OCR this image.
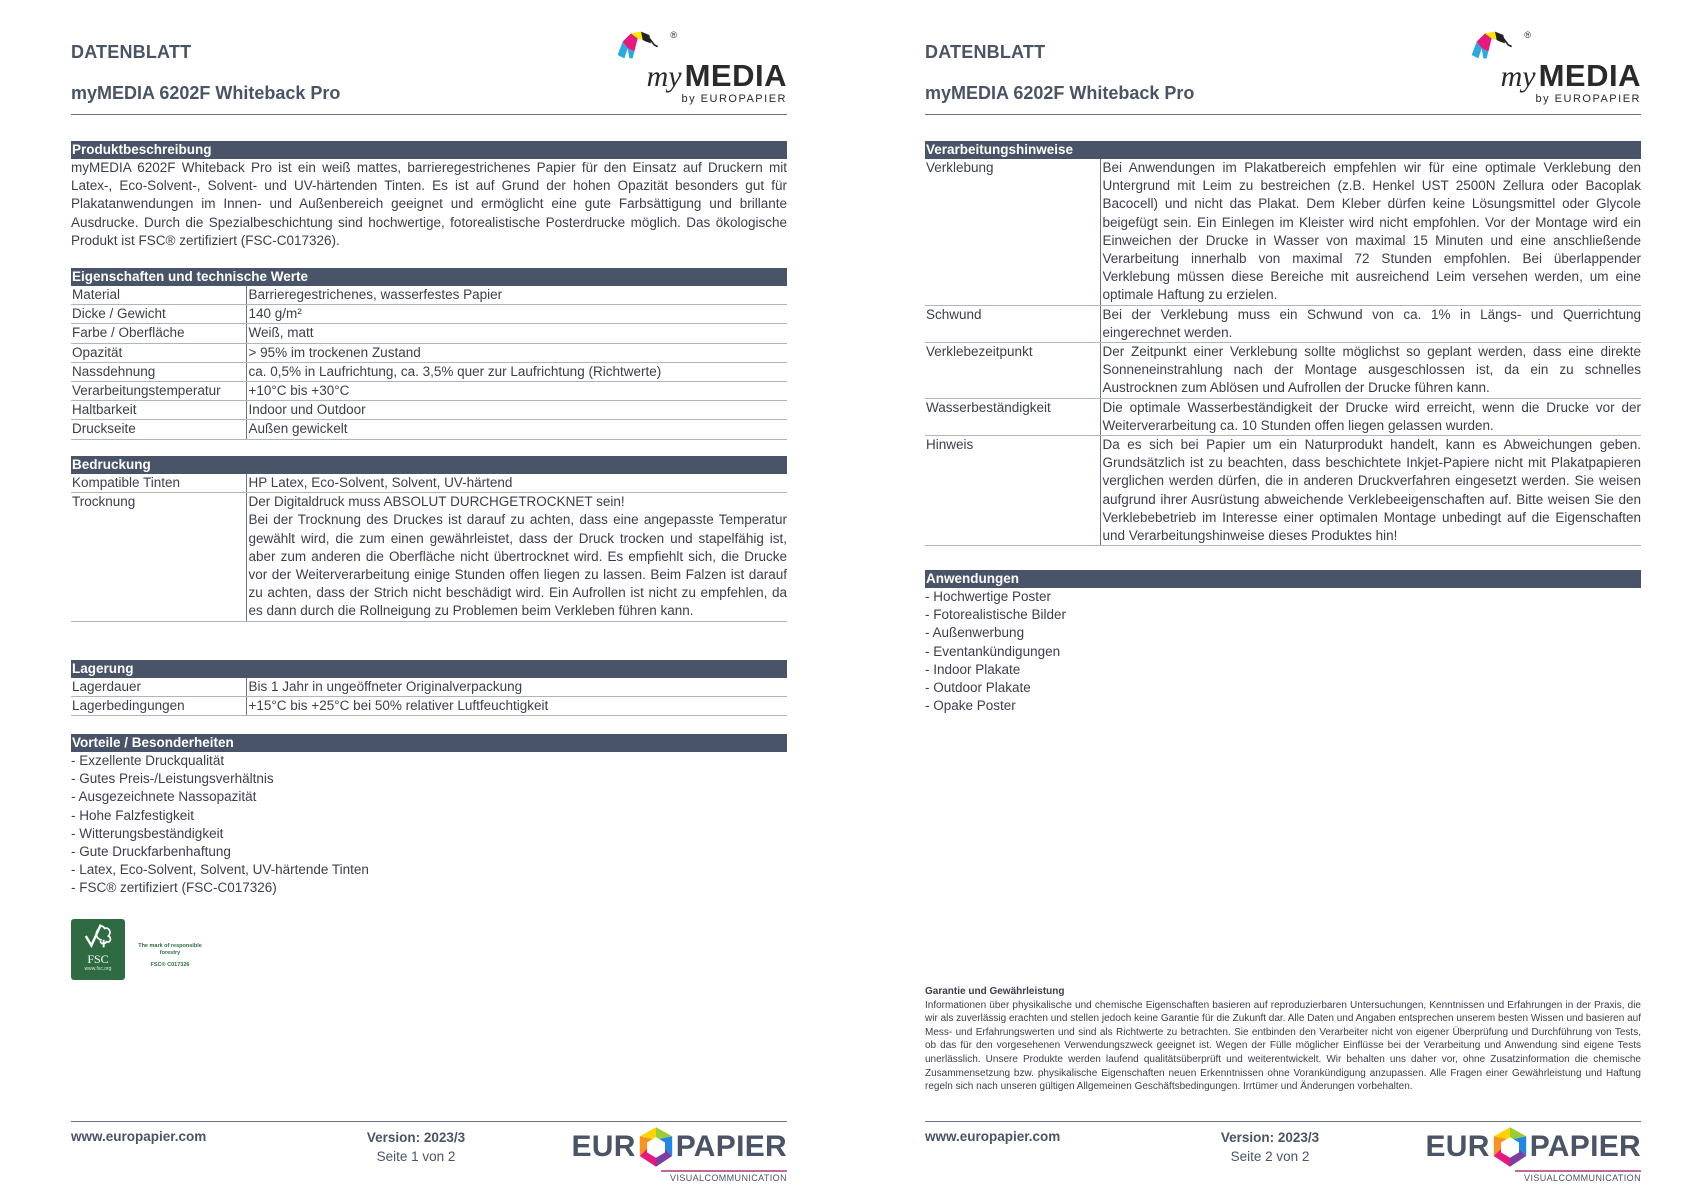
DATENBLATT
myMEDIA 6202F Whiteback Pro
®
my MEDIA
by EUROPAPIER
Produktbeschreibung
myMEDIA 6202F Whiteback Pro ist ein weiß mattes, barrieregestrichenes Papier für den Einsatz auf Druckern mit Latex-, Eco-Solvent-, Solvent- und UV-härtenden Tinten. Es ist auf Grund der hohen Opazität besonders gut für Plakatanwendungen im Innen- und Außenbereich geeignet und ermöglicht eine gute Farbsättigung und brillante Ausdrucke. Durch die Spezialbeschichtung sind hochwertige, fotorealistische Posterdrucke möglich. Das ökologische Produkt ist FSC® zertifiziert (FSC-C017326).
Eigenschaften und technische Werte
Material	Barrieregestrichenes, wasserfestes Papier
Dicke / Gewicht	140 g/m²
Farbe / Oberfläche	Weiß, matt
Opazität	> 95% im trockenen Zustand
Nassdehnung	ca. 0,5% in Laufrichtung, ca. 3,5% quer zur Laufrichtung (Richtwerte)
Verarbeitungstemperatur	+10°C bis +30°C
Haltbarkeit	Indoor und Outdoor
Druckseite	Außen gewickelt
Bedruckung
Kompatible Tinten	HP Latex, Eco-Solvent, Solvent, UV-härtend
Trocknung	Der Digitaldruck muss ABSOLUT DURCHGETROCKNET sein!
Bei der Trocknung des Druckes ist darauf zu achten, dass eine angepasste Temperatur gewählt wird, die zum einen gewährleistet, dass der Druck trocken und stapelfähig ist, aber zum anderen die Oberfläche nicht übertrocknet wird. Es empfiehlt sich, die Drucke vor der Weiterverarbeitung einige Stunden offen liegen zu lassen. Beim Falzen ist darauf zu achten, dass der Strich nicht beschädigt wird. Ein Aufrollen ist nicht zu empfehlen, da es dann durch die Rollneigung zu Problemen beim Verkleben führen kann.
Lagerung
Lagerdauer	Bis 1 Jahr in ungeöffneter Originalverpackung
Lagerbedingungen	+15°C bis +25°C bei 50% relativer Luftfeuchtigkeit
Vorteile / Besonderheiten
- Exzellente Druckqualität
- Gutes Preis-/Leistungsverhältnis
- Ausgezeichnete Nassopazität
- Hohe Falzfestigkeit
- Witterungsbeständigkeit
- Gute Druckfarbenhaftung
- Latex, Eco-Solvent, Solvent, UV-härtende Tinten
- FSC® zertifiziert (FSC-C017326)
FSC
www.fsc.org
The mark of responsible forestry
FSC® C017326
www.europapier.com	Version: 2023/3
Seite 1 von 2	EUR PAPIER
VISUALCOMMUNICATION
DATENBLATT
myMEDIA 6202F Whiteback Pro
®
my MEDIA
by EUROPAPIER
Verarbeitungshinweise
Verklebung	Bei Anwendungen im Plakatbereich empfehlen wir für eine optimale Verklebung den Untergrund mit Leim zu bestreichen (z.B. Henkel UST 2500N Zellura oder Bacoplak Bacocell) und nicht das Plakat. Dem Kleber dürfen keine Lösungsmittel oder Glycole beigefügt sein. Ein Einlegen im Kleister wird nicht empfohlen. Vor der Montage wird ein Einweichen der Drucke in Wasser von maximal 15 Minuten und eine anschließende Verarbeitung innerhalb von maximal 72 Stunden empfohlen. Bei überlappender Verklebung müssen diese Bereiche mit ausreichend Leim versehen werden, um eine optimale Haftung zu erzielen.
Schwund	Bei der Verklebung muss ein Schwund von ca. 1% in Längs- und Querrichtung eingerechnet werden.
Verklebezeitpunkt	Der Zeitpunkt einer Verklebung sollte möglichst so geplant werden, dass eine direkte Sonneneinstrahlung nach der Montage ausgeschlossen ist, da ein zu schnelles Austrocknen zum Ablösen und Aufrollen der Drucke führen kann.
Wasserbeständigkeit	Die optimale Wasserbeständigkeit der Drucke wird erreicht, wenn die Drucke vor der Weiterverarbeitung ca. 10 Stunden offen liegen gelassen wurden.
Hinweis	Da es sich bei Papier um ein Naturprodukt handelt, kann es Abweichungen geben. Grundsätzlich ist zu beachten, dass beschichtete Inkjet-Papiere nicht mit Plakatpapieren verglichen werden dürfen, die in anderen Druckverfahren eingesetzt werden. Sie weisen aufgrund ihrer Ausrüstung abweichende Verklebeeigenschaften auf. Bitte weisen Sie den Verklebebetrieb im Interesse einer optimalen Montage unbedingt auf die Eigenschaften und Verarbeitungshinweise dieses Produktes hin!
Anwendungen
- Hochwertige Poster
- Fotorealistische Bilder
- Außenwerbung
- Eventankündigungen
- Indoor Plakate
- Outdoor Plakate
- Opake Poster
Garantie und Gewährleistung
Informationen über physikalische und chemische Eigenschaften basieren auf reproduzierbaren Untersuchungen, Kenntnissen und Erfahrungen in der Praxis, die wir als zuverlässig erachten und stellen jedoch keine Garantie für die Zukunft dar. Alle Daten und Angaben entsprechen unserem besten Wissen und basieren auf Mess- und Erfahrungswerten und sind als Richtwerte zu betrachten. Sie entbinden den Verarbeiter nicht von eigener Überprüfung und Durchführung von Tests, ob das für den vorgesehenen Verwendungszweck geeignet ist. Wegen der Fülle möglicher Einflüsse bei der Verarbeitung und Anwendung sind eigene Tests unerlässlich. Unsere Produkte werden laufend qualitätsüberprüft und weiterentwickelt. Wir behalten uns daher vor, ohne Zusatzinformation die chemische Zusammensetzung bzw. physikalische Eigenschaften neuen Erkenntnissen ohne Vorankündigung anzupassen. Alle Fragen einer Gewährleistung und Haftung regeln sich nach unseren gültigen Allgemeinen Geschäftsbedingungen. Irrtümer und Änderungen vorbehalten.
www.europapier.com	Version: 2023/3
Seite 2 von 2	EUR PAPIER
VISUALCOMMUNICATION
